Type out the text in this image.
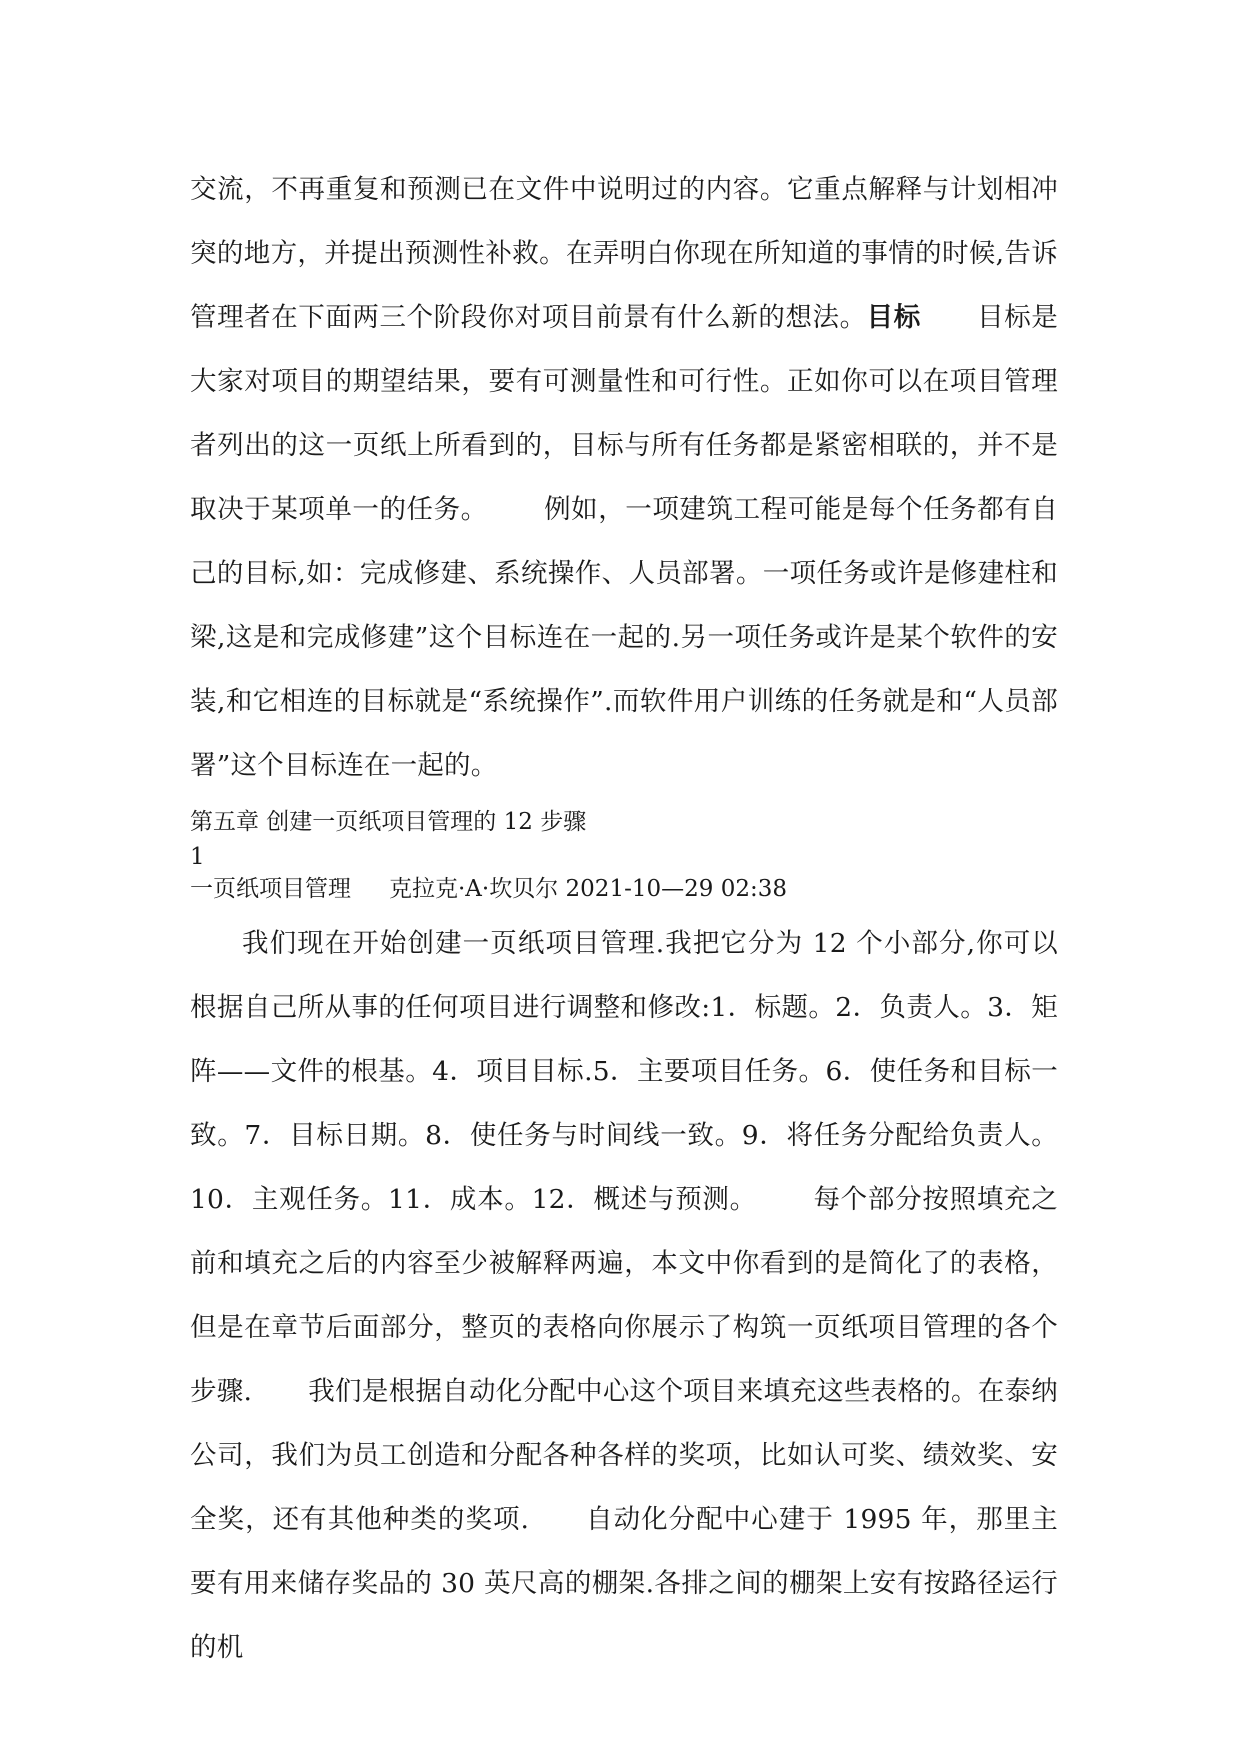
交流，不再重复和预测已在文件中说明过的内容。它重点解释与计划相冲突的地方，并提出预测性补救。在弄明白你现在所知道的事情的时候,告诉管理者在下面两三个阶段你对项目前景有什么新的想法。目标 目标是大家对项目的期望结果，要有可测量性和可行性。正如你可以在项目管理者列出的这一页纸上所看到的，目标与所有任务都是紧密相联的，并不是取决于某项单一的任务。 例如，一项建筑工程可能是每个任务都有自己的目标,如：完成修建、系统操作、人员部署。一项任务或许是修建柱和梁,这是和完成修建”这个目标连在一起的.另一项任务或许是某个软件的安装,和它相连的目标就是“系统操作”.而软件用户训练的任务就是和“人员部署”这个目标连在一起的。

第五章 创建一页纸项目管理的 12 步骤

1

一页纸项目管理 克拉克·A·坎贝尔 2021-10—29 02:38

我们现在开始创建一页纸项目管理.我把它分为 12 个小部分,你可以根据自己所从事的任何项目进行调整和修改:1．标题。2．负责人。3．矩阵——文件的根基。4．项目目标.5．主要项目任务。6．使任务和目标一致。7．目标日期。8．使任务与时间线一致。9．将任务分配给负责人。10．主观任务。11．成本。12．概述与预测。 每个部分按照填充之前和填充之后的内容至少被解释两遍，本文中你看到的是简化了的表格，但是在章节后面部分，整页的表格向你展示了构筑一页纸项目管理的各个步骤. 我们是根据自动化分配中心这个项目来填充这些表格的。在泰纳公司，我们为员工创造和分配各种各样的奖项，比如认可奖、绩效奖、安全奖，还有其他种类的奖项. 自动化分配中心建于 1995 年，那里主要有用来储存奖品的 30 英尺高的棚架.各排之间的棚架上安有按路径运行的机
